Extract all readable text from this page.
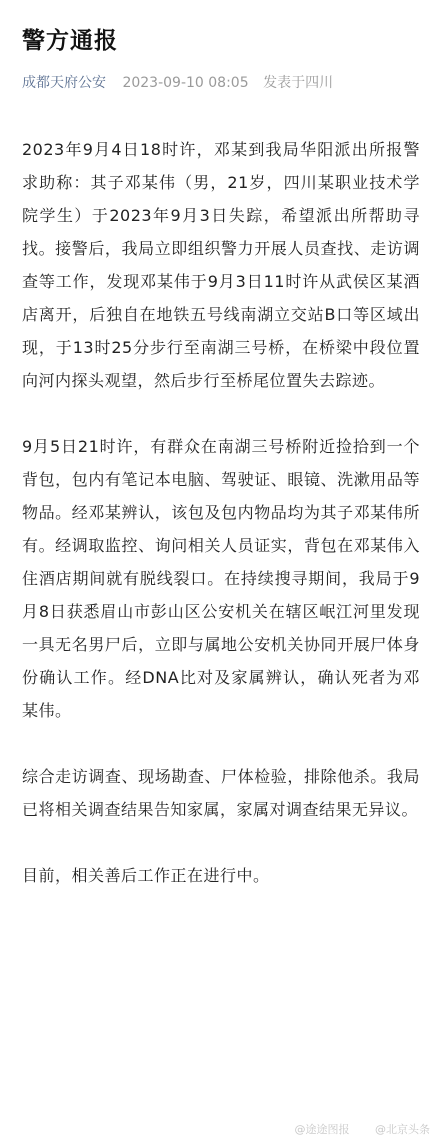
警方通报
成都天府公安 2023-09-10 08:05 发表于四川

2023年9月4日18时许，邓某到我局华阳派出所报警求助称：其子邓某伟（男，21岁，四川某职业技术学院学生）于2023年9月3日失踪，希望派出所帮助寻找。接警后，我局立即组织警力开展人员查找、走访调查等工作，发现邓某伟于9月3日11时许从武侯区某酒店离开，后独自在地铁五号线南湖立交站B口等区域出现，于13时25分步行至南湖三号桥，在桥梁中段位置向河内探头观望，然后步行至桥尾位置失去踪迹。

9月5日21时许，有群众在南湖三号桥附近捡拾到一个背包，包内有笔记本电脑、驾驶证、眼镜、洗漱用品等物品。经邓某辨认，该包及包内物品均为其子邓某伟所有。经调取监控、询问相关人员证实，背包在邓某伟入住酒店期间就有脱线裂口。在持续搜寻期间，我局于9月8日获悉眉山市彭山区公安机关在辖区岷江河里发现一具无名男尸后，立即与属地公安机关协同开展尸体身份确认工作。经DNA比对及家属辨认，确认死者为邓某伟。

综合走访调查、现场勘查、尸体检验，排除他杀。我局已将相关调查结果告知家属，家属对调查结果无异议。

目前，相关善后工作正在进行中。

@途途图报 @北京头条
